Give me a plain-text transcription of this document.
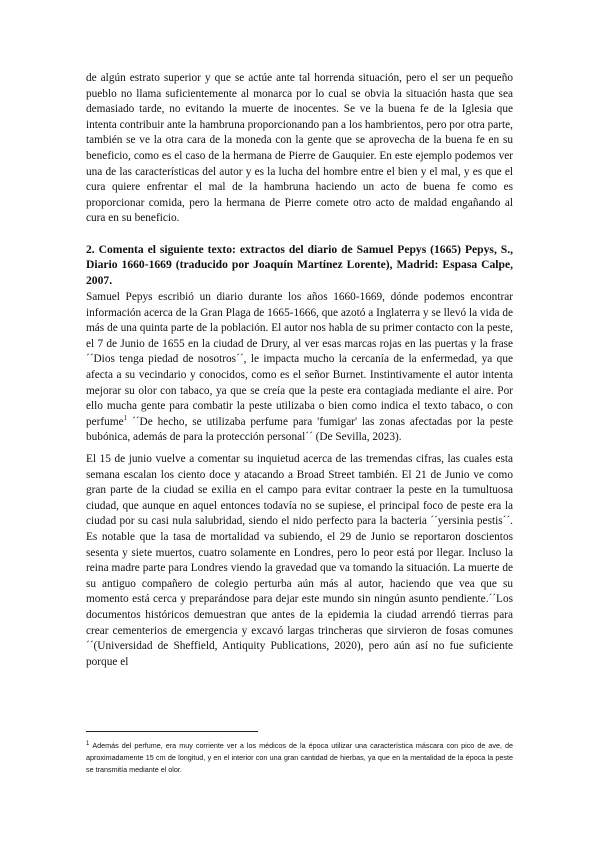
de algún estrato superior y que se actúe ante tal horrenda situación, pero el ser un pequeño pueblo no llama suficientemente al monarca por lo cual se obvia la situación hasta que sea demasiado tarde, no evitando la muerte de inocentes. Se ve la buena fe de la Iglesia que intenta contribuir ante la hambruna proporcionando pan a los hambrientos, pero por otra parte, también se ve la otra cara de la moneda con la gente que se aprovecha de la buena fe en su beneficio, como es el caso de la hermana de Pierre de Gauquier. En este ejemplo podemos ver una de las características del autor y es la lucha del hombre entre el bien y el mal, y es que el cura quiere enfrentar el mal de la hambruna haciendo un acto de buena fe como es proporcionar comida, pero la hermana de Pierre comete otro acto de maldad engañando al cura en su beneficio.

2. Comenta el siguiente texto: extractos del diario de Samuel Pepys (1665) Pepys, S., Diario 1660-1669 (traducido por Joaquín Martínez Lorente), Madrid: Espasa Calpe, 2007.

Samuel Pepys escribió un diario durante los años 1660-1669, dónde podemos encontrar información acerca de la Gran Plaga de 1665-1666, que azotó a Inglaterra y se llevó la vida de más de una quinta parte de la población. El autor nos habla de su primer contacto con la peste, el 7 de Junio de 1655 en la ciudad de Drury, al ver esas marcas rojas en las puertas y la frase ´´Dios tenga piedad de nosotros´´, le impacta mucho la cercanía de la enfermedad, ya que afecta a su vecindario y conocidos, como es el señor Burnet. Instintivamente el autor intenta mejorar su olor con tabaco, ya que se creía que la peste era contagiada mediante el aire. Por ello mucha gente para combatir la peste utilizaba o bien como indica el texto tabaco, o con perfume$^1$ ´´De hecho, se utilizaba perfume para 'fumigar' las zonas afectadas por la peste bubónica, además de para la protección personal´´ (De Sevilla, 2023).

El 15 de junio vuelve a comentar su inquietud acerca de las tremendas cifras, las cuales esta semana escalan los ciento doce y atacando a Broad Street también. El 21 de Junio ve como gran parte de la ciudad se exilia en el campo para evitar contraer la peste en la tumultuosa ciudad, que aunque en aquel entonces todavía no se supiese, el principal foco de peste era la ciudad por su casi nula salubridad, siendo el nido perfecto para la bacteria ´´yersinia pestis´´. Es notable que la tasa de mortalidad va subiendo, el 29 de Junio se reportaron doscientos sesenta y siete muertos, cuatro solamente en Londres, pero lo peor está por llegar. Incluso la reina madre parte para Londres viendo la gravedad que va tomando la situación. La muerte de su antiguo compañero de colegio perturba aún más al autor, haciendo que vea que su momento está cerca y preparándose para dejar este mundo sin ningún asunto pendiente.´´Los documentos históricos demuestran que antes de la epidemia la ciudad arrendó tierras para crear cementerios de emergencia y excavó largas trincheras que sirvieron de fosas comunes´´(Universidad de Sheffield, Antiquity Publications, 2020), pero aún así no fue suficiente porque el

$^1$ Además del perfume, era muy corriente ver a los médicos de la época utilizar una característica máscara con pico de ave, de aproximadamente 15 cm de longitud, y en el interior con una gran cantidad de hierbas, ya que en la mentalidad de la época la peste se transmitía mediante el olor.
